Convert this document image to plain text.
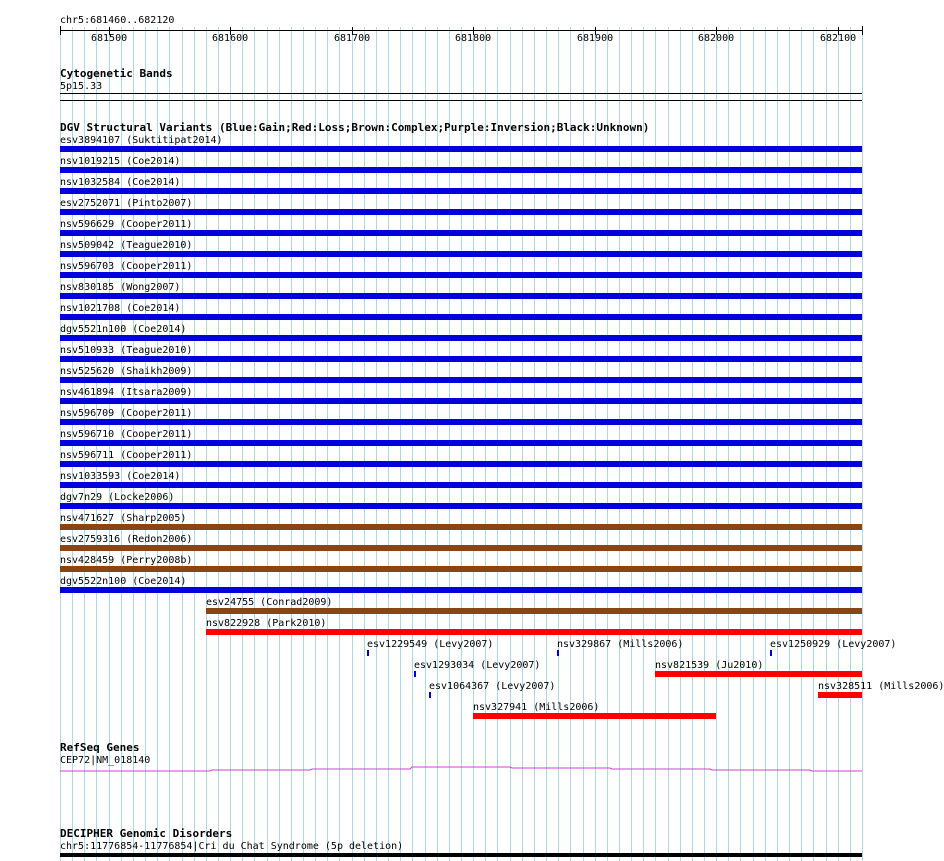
chr5:681460..682120
681500	681600	681700	681800	681900	682000	682100
Cytogenetic Bands
5p15.33
DGV Structural Variants (Blue:Gain;Red:Loss;Brown:Complex;Purple:Inversion;Black:Unknown)
esv3894107 (Suktitipat2014)
nsv1019215 (Coe2014)
nsv1032584 (Coe2014)
esv2752071 (Pinto2007)
nsv596629 (Cooper2011)
nsv509042 (Teague2010)
nsv596703 (Cooper2011)
nsv830185 (Wong2007)
nsv1021708 (Coe2014)
dgv5521n100 (Coe2014)
nsv510933 (Teague2010)
nsv525620 (Shaikh2009)
nsv461894 (Itsara2009)
nsv596709 (Cooper2011)
nsv596710 (Cooper2011)
nsv596711 (Cooper2011)
nsv1033593 (Coe2014)
dgv7n29 (Locke2006)
nsv471627 (Sharp2005)
esv2759316 (Redon2006)
nsv428459 (Perry2008b)
dgv5522n100 (Coe2014)
esv24755 (Conrad2009)
nsv822928 (Park2010)
esv1229549 (Levy2007)	nsv329867 (Mills2006)	esv1250929 (Levy2007)
esv1293034 (Levy2007)	nsv821539 (Ju2010)
esv1064367 (Levy2007)	nsv328511 (Mills2006)
nsv327941 (Mills2006)
RefSeq Genes
CEP72|NM_018140
DECIPHER Genomic Disorders
chr5:11776854-11776854|Cri du Chat Syndrome (5p deletion)
